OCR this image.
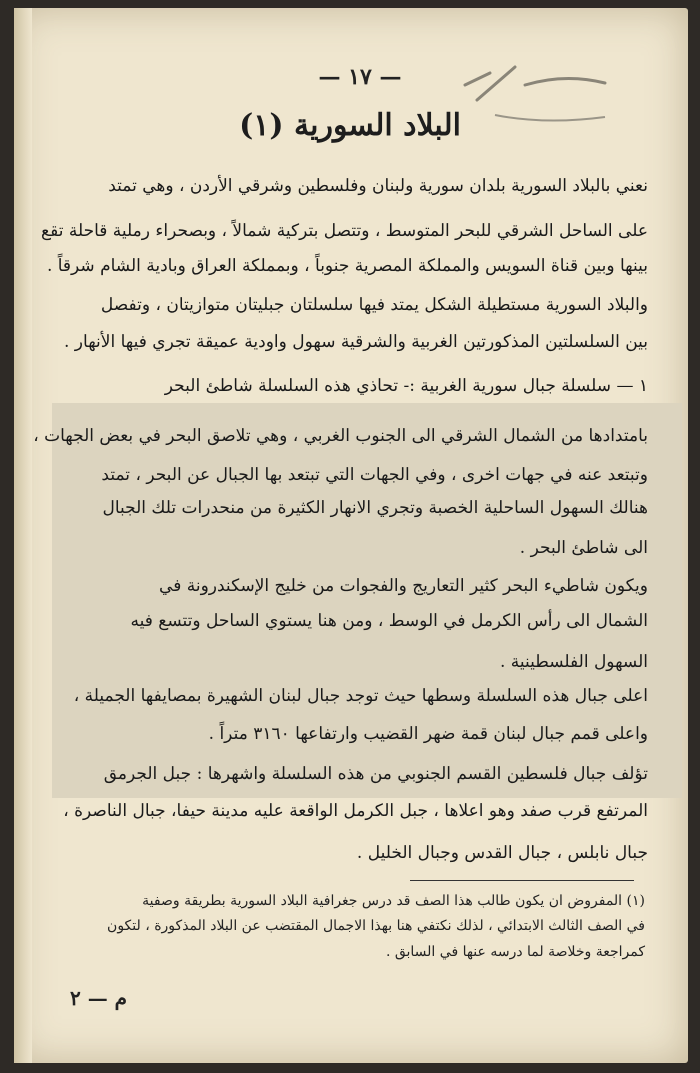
— ١٧ —
البلاد السورية (١)
نعني بالبلاد السورية بلدان سورية ولبنان وفلسطين وشرقي الأردن ، وهي تمتد
على الساحل الشرقي للبحر المتوسط ، وتتصل بتركية شمالاً ، وبصحراء رملية قاحلة تقع
بينها وبين قناة السويس والمملكة المصرية جنوباً ، وبمملكة العراق وبادية الشام شرقاً .
والبلاد السورية مستطيلة الشكل يمتد فيها سلسلتان جبليتان متوازيتان ، وتفصل
بين السلسلتين المذكورتين الغربية والشرقية سهول واودية عميقة تجري فيها الأنهار .
١ — سلسلة جبال سورية الغربية :- تحاذي هذه السلسلة شاطئ البحر
بامتدادها من الشمال الشرقي الى الجنوب الغربي ، وهي تلاصق البحر في بعض الجهات ،
وتبتعد عنه في جهات اخرى ، وفي الجهات التي تبتعد بها الجبال عن البحر ، تمتد
هنالك السهول الساحلية الخصبة وتجري الانهار الكثيرة من منحدرات تلك الجبال
الى شاطئ البحر .
ويكون شاطيء البحر كثير التعاريج والفجوات من خليج الإسكندرونة في
الشمال الى رأس الكرمل في الوسط ، ومن هنا يستوي الساحل وتتسع فيه
السهول الفلسطينية .
اعلى جبال هذه السلسلة وسطها حيث توجد جبال لبنان الشهيرة بمصايفها الجميلة ،
واعلى قمم جبال لبنان قمة ضهر القضيب وارتفاعها ٣١٦٠ متراً .
تؤلف جبال فلسطين القسم الجنوبي من هذه السلسلة واشهرها : جبل الجرمق
المرتفع قرب صفد وهو اعلاها ، جبل الكرمل الواقعة عليه مدينة حيفا، جبال الناصرة ،
جبال نابلس ، جبال القدس وجبال الخليل .
(١) المفروض ان يكون طالب هذا الصف قد درس جغرافية البلاد السورية بطريقة وصفية
في الصف الثالث الابتدائي ، لذلك نكتفي هنا بهذا الاجمال المقتضب عن البلاد المذكورة ، لتكون
كمراجعة وخلاصة لما درسه عنها في السابق .
م — ٢
